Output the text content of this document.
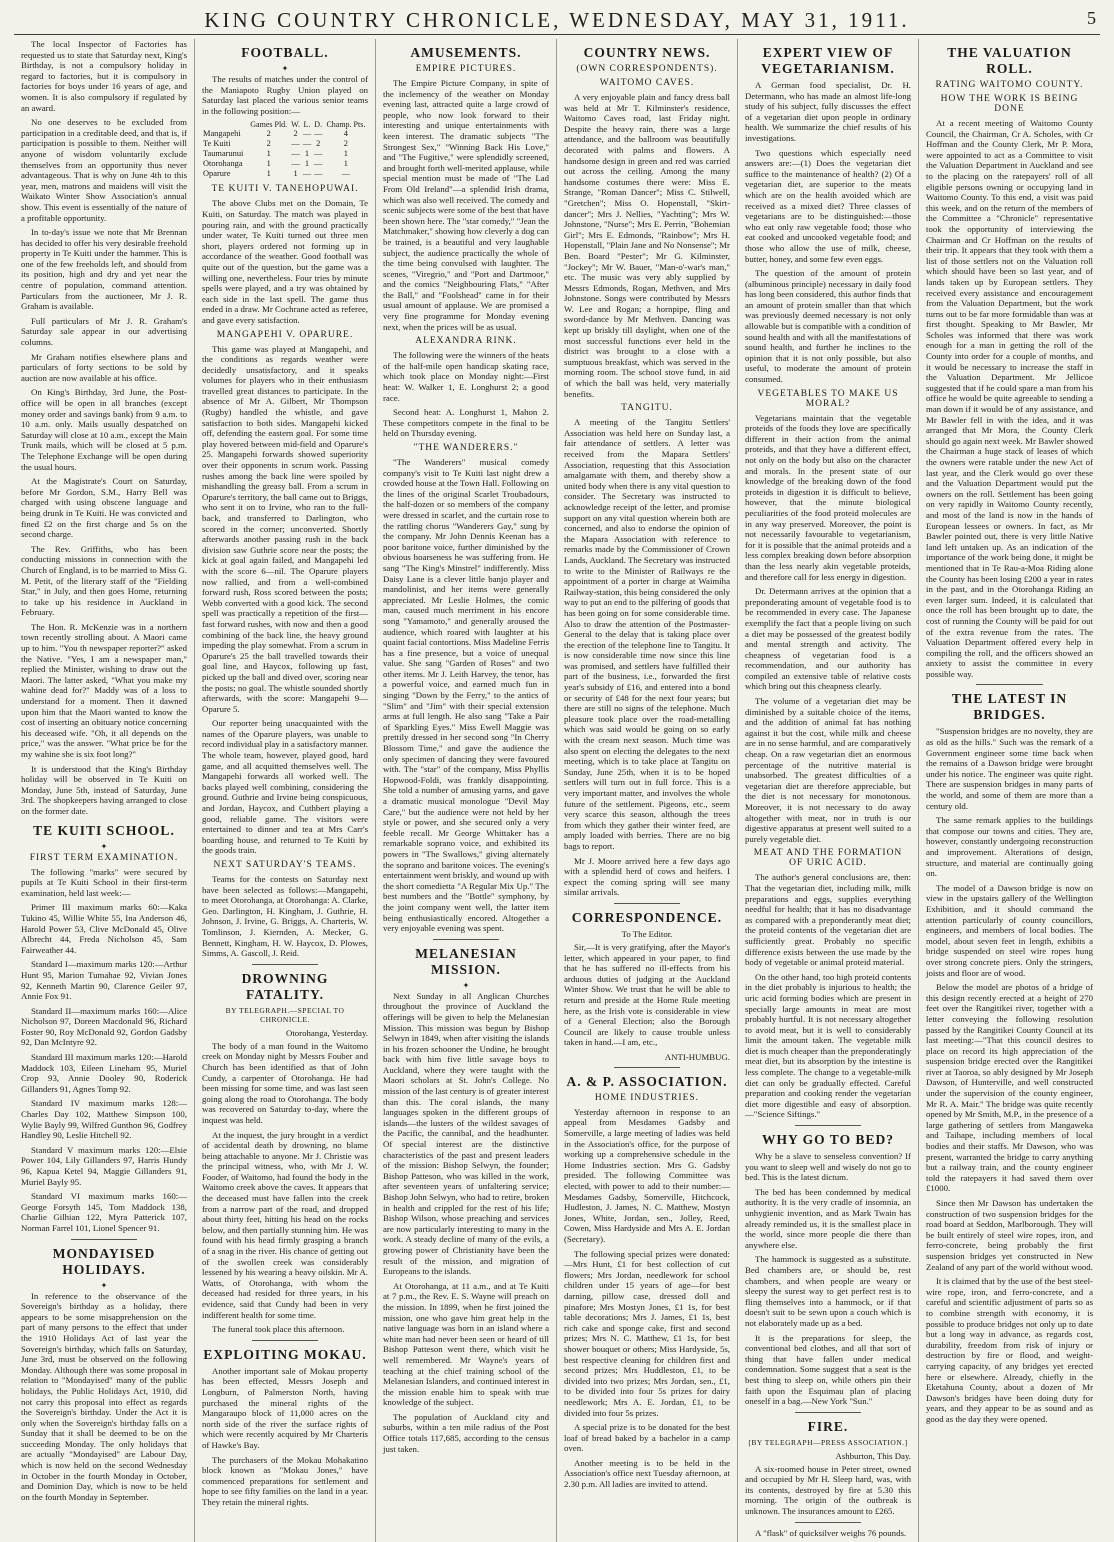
KING COUNTRY CHRONICLE, WEDNESDAY, MAY 31, 1911.	5

The local Inspector of Factories has requested us to state that Saturday next, King's Birthday, is not a compulsory holiday in regard to factories, but it is compulsory in factories for boys under 16 years of age, and women. It is also compulsory if regulated by an award.

No one deserves to be excluded from participation in a creditable deed, and that is, if participation is possible to them. Neither will anyone of wisdom voluntarily exclude themselves from an opportunity thus never advantageous. That is why on June 4th to this year, men, matrons and maidens will visit the Waikato Winter Show Association's annual show. This event is essentially of the nature of a profitable opportunity.

In to-day's issue we note that Mr Brennan has decided to offer his very desirable freehold property in Te Kuiti under the hammer. This is one of the few freeholds left, and should from its position, high and dry and yet near the centre of population, command attention. Particulars from the auctioneer, Mr J. R. Graham is available.

Full particulars of Mr J. R. Graham's Saturday sale appear in our advertising columns.

Mr Graham notifies elsewhere plans and particulars of forty sections to be sold by auction are now available at his office.

On King's Birthday, 3rd June, the Post-office will be open in all branches (except money order and savings bank) from 9 a.m. to 10 a.m. only. Mails usually despatched on Saturday will close at 10 a.m., except the Main Trunk mails, which will be closed at 5 p.m. The Telephone Exchange will be open during the usual hours.

At the Magistrate's Court on Saturday, before Mr Gordon, S.M., Harry Bell was charged with using obscene language and being drunk in Te Kuiti. He was convicted and fined £2 on the first charge and 5s on the second charge.

The Rev. Griffiths, who has been conducting missions in connection with the Church of England, is to be married to Miss G. M. Petit, of the literary staff of the "Fielding Star," in July, and then goes Home, returning to take up his residence in Auckland in February.

The Hon. R. McKenzie was in a northern town recently strolling about. A Maori came up to him. "You th newspaper reporter?" asked the Native. "Yes, I am a newspaper man," replied the Minister, wishing to draw out the Maori. The latter asked, "What you make my wahine dead for?" Maddy was of a loss to understand for a moment. Then it dawned upon him that the Maori wanted to know the cost of inserting an obituary notice concerning his deceased wife. "Oh, it all depends on the price," was the answer. "What price be for the my wahine she is six foot long?"

It is understood that the King's Birthday holiday will be observed in Te Kuiti on Monday, June 5th, instead of Saturday, June 3rd. The shopkeepers having arranged to close on the former date.

TE KUITI SCHOOL.
✦
FIRST TERM EXAMINATION.

The following "marks" were secured by pupils at Te Kuiti School in their first-term examination, held last week:—

Primer III maximum marks 60:—Kaka Tukino 45, Willie White 55, Ina Anderson 46, Harold Power 53, Clive McDonald 45, Olive Albrecht 44, Freda Nicholson 45, Sam Fairweather 44.

Standard I—maximum marks 120:—Arthur Hunt 95, Marion Tumahae 92, Vivian Jones 92, Kenneth Martin 90, Clarence Geiler 97, Annie Fox 91.

Standard II—maximum marks 160:—Alice Nicholson 97, Doreen Macdonald 96, Richard Foster 90, Roy McDonald 92, Gordon Gadsby 92, Dan McIntyre 92.

Standard III maximum marks 120:—Harold Maddock 103, Eileen Lineham 95, Muriel Crop 93, Annie Dooley 90, Roderick Gillanders 91, Agnes Tomp 92.

Standard IV maximum marks 128:—Charles Day 102, Matthew Simpson 100, Wylie Bayly 99, Wilfred Gunthon 96, Godfrey Handley 90, Leslie Hitchell 92.

Standard V maximum marks 120:—Elsie Power 104, Lily Gillanders 97, Harris Hundy 96, Kapua Ketel 94, Maggie Gillanders 91, Muriel Bayly 95.

Standard VI maximum marks 160:—George Forsyth 145, Tom Maddock 138, Charlie Gilhian 122, Myra Patterick 107, Norman Farrel 101, Lionel Spencer 91.

MONDAYISED HOLIDAYS.
✦

In reference to the observance of the Sovereign's birthday as a holiday, there appears to be some misapprehension on the part of many persons to the effect that under the 1910 Holidays Act of last year the Sovereign's birthday, which falls on Saturday, June 3rd, must be observed on the following Monday. Although there was some proposal in relation to "Mondayised" many of the public holidays, the Public Holidays Act, 1910, did not carry this proposal into effect as regards the Sovereign's birthday. Under the Act it is only when the Sovereign's birthday falls on a Sunday that it shall be deemed to be on the succeeding Monday. The only holidays that are actually "Mondayised" are Labour Day, which is now held on the second Wednesday in October in the fourth Monday in October, and Dominion Day, which is now to be held on the fourth Monday in September.

FOOTBALL.
✦

The results of matches under the control of the Maniapoto Rugby Union played on Saturday last placed the various senior teams in the following position:—

	Games Pld.	W.	L.	D.	Champ. Pts.
Mangapehi	2	2	—	—	4
Te Kuiti	2	—	—	2	2
Taumarunui	1	—	1	—	1
Otorohanga	1	—	1	—	1
Oparure	1	1	—	—	—
TE KUITI V. TANEHOPUWAI.

The above Clubs met on the Domain, Te Kuiti, on Saturday. The match was played in pouring rain, and with the ground practically under water, Te Kuiti turned out three men short, players ordered not forming up in accordance of the weather. Good football was quite out of the question, but the game was a willing one, nevertheless. Four tries by minute spells were played, and a try was obtained by each side in the last spell. The game thus ended in a draw. Mr Cochrane acted as referee, and gave every satisfaction.

MANGAPEHI V. OPARURE.

This game was played at Mangapehi, and the conditions as regards weather were decidedly unsatisfactory, and it speaks volumes for players who in their enthusiasm travelled great distances to participate. In the absence of Mr A. Gilbert, Mr Thompson (Rugby) handled the whistle, and gave satisfaction to both sides. Mangapehi kicked off, defending the eastern goal. For some time play hovered between mid-field and Oparure's 25. Mangapehi forwards showed superiority over their opponents in scrum work. Passing rushes among the back line were spoiled by mishandling the greasy ball. From a scrum in Oparure's territory, the ball came out to Briggs, who sent it on to Irvine, who ran to the full-back, and transferred to Darlington, who scored in the corner; unconverted. Shortly afterwards another passing rush in the back division saw Guthrie score near the posts; the kick at goal again failed, and Mangapehi led with the score 6—nil. The Oparure players now rallied, and from a well-combined forward rush, Ross scored between the posts; Webb converted with a good kick. The second spell was practically a repetition of the first—fast forward rushes, with now and then a good combining of the back line, the heavy ground impeding the play somewhat. From a scrum in Oparure's 25 the ball travelled towards their goal line, and Haycox, following up fast, picked up the ball and dived over, scoring near the posts; no goal. The whistle sounded shortly afterwards, with the score: Mangapehi 9—Oparure 5.

Our reporter being unacquainted with the names of the Oparure players, was unable to record individual play in a satisfactory manner. The whole team, however, played good, hard game, and all acquitted themselves well. The Mangapehi forwards all worked well. The backs played well combining, considering the ground. Guthrie and Irvine being conspicuous, and Jordan, Haycox, and Cuthbert playing a good, reliable game. The visitors were entertained to dinner and tea at Mrs Carr's boarding house, and returned to Te Kuiti by the goods train.

NEXT SATURDAY'S TEAMS.

Teams for the contests on Saturday next have been selected as follows:—Mangapehi, to meet Otorohanga, at Otorohanga: A. Clarke, Geo. Darlington, H. Kingham, J. Guthrie, H. Johnson, J. Irvine, G. Briggs, A. Charteris, W. Tomlinson, J. Kiernden, A. Mecker, G. Bennett, Kingham, H. W. Haycox, D. Plowes, Simms, A. Gascoll, J. Reid.

DROWNING FATALITY.
BY TELEGRAPH.—SPECIAL TO CHRONICLE.
Otorohanga, Yesterday.

The body of a man found in the Waitomo creek on Monday night by Messrs Fouber and Church has been identified as that of John Cundy, a carpenter of Otorohanga. He had been missing for some time, and was last seen going along the road to Otorohanga. The body was recovered on Saturday to-day, where the inquest was held.

At the inquest, the jury brought in a verdict of accidental death by drowning, no blame being attachable to anyone. Mr J. Christie was the principal witness, who, with Mr J. W. Fooder, of Waitomo, had found the body in the Waitomo creek above the caves. It appears that the deceased must have fallen into the creek from a narrow part of the road, and dropped about thirty feet, hitting his head on the rocks below, and then partially stunning him. He was found with his head firmly grasping a branch of a snag in the river. His chance of getting out of the swollen creek was considerably lessened by his wearing a heavy oilskin. Mr A. Watts, of Otorohanga, with whom the deceased had resided for three years, in his evidence, said that Cundy had been in very indifferent health for some time.

The funeral took place this afternoon.

EXPLOITING MOKAU.

Another important sale of Mokau property has been effected, Messrs Joseph and Longburn, of Palmerston North, having purchased the mineral rights of the Mangaraupo block of 11,000 acres on the north side of the river the surface rights of which were recently acquired by Mr Charteris of Hawke's Bay.

The purchasers of the Mokau Mohakatino block known as "Mokau Jones," have commenced preparations for settlement and hope to see fifty families on the land in a year. They retain the mineral rights.

AMUSEMENTS.
EMPIRE PICTURES.

The Empire Picture Company, in spite of the inclemency of the weather on Monday evening last, attracted quite a large crowd of people, who now look forward to their interesting and unique entertainments with keen interest. The dramatic subjects "The Strongest Sex," "Winning Back His Love," and "The Fugitive," were splendidly screened, and brought forth well-merited applause, while special mention must be made of "The Lad From Old Ireland"—a splendid Irish drama, which was also well received. The comedy and scenic subjects were some of the best that have been shown here. The "star comedy," "Jean the Matchmaker," showing how cleverly a dog can be trained, is a beautiful and very laughable subject, the audience practically the whole of the time being convulsed with laughter. The scenes, "Viregrio," and "Port and Dartmoor," and the comics "Neighbouring Flats," "After the Ball," and "Foolshead" came in for their usual amount of applause. We are promised a very fine programme for Monday evening next, when the prices will be as usual.

ALEXANDRA RINK.

The following were the winners of the heats of the half-mile open handicap skating race, which took place on Monday night:—First heat: W. Walker 1, E. Longhurst 2; a good race.

Second heat: A. Longhurst 1, Mahon 2. These competitors compete in the final to be held on Thursday evening.

"THE WANDERERS."

"The Wanderers" musical comedy company's visit to Te Kuiti last night drew a crowded house at the Town Hall. Following on the lines of the original Scarlet Troubadours, the half-dozen or so members of the company were dressed in scarlet, and the curtain rose to the rattling chorus "Wanderers Gay," sung by the company. Mr John Dennis Keenan has a poor baritone voice, further diminished by the obvious hoarseness he was suffering from. He sang "The King's Minstrel" indifferently. Miss Daisy Lane is a clever little banjo player and mandolinist, and her items were generally appreciated. Mr Leslie Holmes, the comic man, caused much merriment in his encore song "Yamamoto," and generally aroused the audience, which roared with laughter at his quaint facial contortions. Miss Madeline Ferris has a fine presence, but a voice of unequal value. She sang "Garden of Roses" and two other items. Mr J. Leith Harvey, the tenor, has a powerful voice, and earned much fun in singing "Down by the Ferry," to the antics of "Slim" and "Jim" with their special extension arms at full length. He also sang "Take a Pair of Sparkling Eyes." Miss Ewell Maggie was prettily dressed in her second song "In Cherry Blossom Time," and gave the audience the only specimen of dancing they were favoured with. The "star" of the company, Miss Phyllis Hopwood-Foldi, was frankly disappointing. She told a number of amusing yarns, and gave a dramatic musical monologue "Devil May Care," but the audience were not held by her style or power, and she secured only a very feeble recall. Mr George Whittaker has a remarkable soprano voice, and exhibited its powers in "The Swallows," giving alternately the soprano and baritone voices. The evening's entertainment went briskly, and wound up with the short comedietta "A Regular Mix Up." The best numbers and the "Bottle" symphony, by the joint company went well, the latter item being enthusiastically encored. Altogether a very enjoyable evening was spent.

MELANESIAN MISSION.
✦

Next Sunday in all Anglican Churches throughout the province of Auckland the offerings will be given to help the Melanesian Mission. This mission was begun by Bishop Selwyn in 1849, when after visiting the islands in his frozen schooner the Undine, he brought back with him five little savage boys to Auckland, where they were taught with the Maori scholars at St. John's College. No mission of the last century is of greater interest than this. The coral islands, the many languages spoken in the different groups of islands—the lusters of the wildest savages of the Pacific, the cannibal, and the headhunter. Of special interest are the distinctive characteristics of the past and present leaders of the mission: Bishop Selwyn, the founder; Bishop Patteson, who was killed in the work, after seventeen years of unfaltering service; Bishop John Selwyn, who had to retire, broken in health and crippled for the rest of his life; Bishop Wilson, whose preaching and services are now particularly interesting to many in the work. A steady decline of many of the evils, a growing power of Christianity have been the result of the mission, and migration of Europeans to the islands.

At Otorohanga, at 11 a.m., and at Te Kuiti at 7 p.m., the Rev. E. S. Wayne will preach on the mission. In 1899, when he first joined the mission, one who gave him great help in the native language was born in an island where a white man had never been seen or heard of till Bishop Patteson went there, which visit he well remembered. Mr Wayne's years of teaching at the chief training school of the Melanesian Islanders, and continued interest in the mission enable him to speak with true knowledge of the subject.

The population of Auckland city and suburbs, within a ten mile radius of the Post Office totals 117,685, according to the census just taken.

COUNTRY NEWS.
(OWN CORRESPONDENTS).
WAITOMO CAVES.

A very enjoyable plain and fancy dress ball was held at Mr T. Kilminster's residence, Waitomo Caves road, last Friday night. Despite the heavy rain, there was a large attendance, and the ballroom was beautifully decorated with palms and flowers. A handsome design in green and red was carried out across the ceiling. Among the many handsome costumes there were: Miss E. Strange, "Roman Dancer"; Miss C. Stilwell, "Gretchen"; Miss O. Hopenstall, "Skirt-dancer"; Mrs J. Nellies, "Yachting"; Mrs W. Johnstone, "Nurse"; Mrs E. Perrin, "Bohemian Girl"; Mrs E. Edmonds, "Rainbow"; Mrs H. Hopenstall, "Plain Jane and No Nonsense"; Mr Ben. Board "Pester"; Mr G. Kilminster, "Jockey"; Mr W. Bauer, "Man-o'-war's man," etc. The music was very ably supplied by Messrs Edmonds, Rogan, Methven, and Mrs Johnstone. Songs were contributed by Messrs W. Lee and Rogan; a hornpipe, fling and sword-dance by Mr Methven. Dancing was kept up briskly till daylight, when one of the most successful functions ever held in the district was brought to a close with a sumptuous breakfast, which was served in the morning room. The school stove fund, in aid of which the ball was held, very materially benefits.

TANGITU.

A meeting of the Tangitu Settlers' Association was held here on Sunday last, a fair attendance of settlers. A letter was received from the Mapara Settlers' Association, requesting that this Association amalgamate with them, and thereby show a united body when there is any vital question to consider. The Secretary was instructed to acknowledge receipt of the letter, and promise support on any vital question wherein both are concerned, and also to endorse the opinion of the Mapara Association with reference to remarks made by the Commissioner of Crown Lands, Auckland. The Secretary was instructed to write to the Minister of Railways re the appointment of a porter in charge at Waimiha Railway-station, this being considered the only way to put an end to the pilfering of goods that has been going on for some considerable time. Also to draw the attention of the Postmaster-General to the delay that is taking place over the erection of the telephone line to Tangitu. It is now considerable time now since this line was promised, and settlers have fulfilled their part of the business, i.e., forwarded the first year's subsidy of £16, and entered into a bond or security of £48 for the next four years; but there are still no signs of the telephone. Much pleasure took place over the road-metalling which was said would be going on so early with the cream next season. Much time was also spent on electing the delegates to the next meeting, which is to take place at Tangitu on Sunday, June 25th, when it is to be hoped settlers will turn out in full force. This is a very important matter, and involves the whole future of the settlement. Pigeons, etc., seem very scarce this season, although the trees from which they gather their winter feed, are amply loaded with berries. There are no big bags to report.

Mr J. Moore arrived here a few days ago with a splendid herd of cows and heifers. I expect the coming spring will see many similar arrivals.

CORRESPONDENCE.
To The Editor.

Sir,—It is very gratifying, after the Mayor's letter, which appeared in your paper, to find that he has suffered no ill-effects from his arduous duties of judging at the Auckland Winter Show. We trust that he will be able to return and preside at the Home Rule meeting here, as the Irish vote is considerable in view of a General Election; also the Borough Council are likely to cause trouble unless taken in hand.—I am, etc.,

ANTI-HUMBUG.
A. & P. ASSOCIATION.
HOME INDUSTRIES.

Yesterday afternoon in response to an appeal from Mesdames Gadsby and Somerville, a large meeting of ladies was held in the Association's office, for the purpose of working up a comprehensive schedule in the Home Industries section. Mrs G. Gadsby presided. The following Committee was elected, with power to add to their number:—Mesdames Gadsby, Somerville, Hitchcock, Hudleston, J. James, N. C. Matthew, Mostyn Jones, White, Jordan, sen., Jolley, Reed, Cowen, Miss Hardyside and Mrs A. E. Jordan (Secretary).

The following special prizes were donated:—Mrs Hunt, £1 for best collection of cut flowers; Mrs Jordan, needlework for school children under 15 years of age—for best darning, pillow case, dressed doll and pinafore; Mrs Mostyn Jones, £1 1s, for best table decorations; Mrs J. James, £1 1s, best rich cake and sponge cake, first and second prizes; Mrs N. C. Matthew, £1 1s, for best shower bouquet or others; Miss Hardyside, 5s, best respective cleaning for children first and second prizes; Mrs Huddleston, £1, to be divided into two prizes; Mrs Jordan, sen., £1, to be divided into four 5s prizes for dairy needlework; Mrs A. E. Jordan, £1, to be divided into four 5s prizes.

A special prize is to be donated for the best loaf of bread baked by a bachelor in a camp oven.

Another meeting is to be held in the Association's office next Tuesday afternoon, at 2.30 p.m. All ladies are invited to attend.

EXPERT VIEW OF VEGETARIANISM.

A German food specialist, Dr. H. Determann, who has made an almost life-long study of his subject, fully discusses the effect of a vegetarian diet upon people in ordinary health. We summarize the chief results of his investigations.

Two questions which especially need answers are:—(1) Does the vegetarian diet suffice to the maintenance of health? (2) Of a vegetarian diet, are superior to the meats which are on the health avoided which are received as a mixed diet? Three classes of vegetarians are to be distinguished:—those who eat only raw vegetable food; those who eat cooked and uncooked vegetable food; and those who allow the use of milk, cheese, butter, honey, and some few even eggs.

The question of the amount of protein (albuminous principle) necessary in daily food has long been considered, this author finds that an amount of protein smaller than that which was previously deemed necessary is not only allowable but is compatible with a condition of sound health and with all the manifestations of sound health, and further he inclines to the opinion that it is not only possible, but also useful, to moderate the amount of protein consumed.

VEGETABLES TO MAKE US MORAL?

Vegetarians maintain that the vegetable proteids of the foods they love are specifically different in their action from the animal proteids, and that they have a different effect, not only on the body but also on the character and morals. In the present state of our knowledge of the breaking down of the food proteids in digestion it is difficult to believe, however, that the minute biological peculiarities of the food proteid molecules are in any way preserved. Moreover, the point is not necessarily favourable to vegetarianism, for it is possible that the animal proteids and a less complex breaking down before absorption than the less nearly akin vegetable proteids, and therefore call for less energy in digestion.

Dr. Determann arrives at the opinion that a preponderating amount of vegetable food is to be recommended in every case. The Japanese exemplify the fact that a people living on such a diet may be possessed of the greatest bodily and mental strength and activity. The cheapness of vegetarian food is a recommendation, and our authority has compiled an extensive table of relative costs which bring out this cheapness clearly.

The volume of a vegetarian diet may be diminished by a suitable choice of the items, and the addition of animal fat has nothing against it but the cost, while milk and cheese are in no sense harmful, and are comparatively cheap. On a raw vegetarian diet an enormous percentage of the nutritive material is unabsorbed. The greatest difficulties of a vegetarian diet are therefore appreciable, but the diet is not necessary for monotonous. Moreover, it is not necessary to do away altogether with meat, nor in truth is our digestive apparatus at present well suited to a purely vegetable diet.

MEAT AND THE FORMATION OF URIC ACID.

The author's general conclusions are, then: That the vegetarian diet, including milk, milk preparations and eggs, supplies everything needful for health; that it has no disadvantage as compared with a preponderantly meat diet; the proteid contents of the vegetarian diet are sufficiently great. Probably no specific difference exists between the use made by the body of vegetable or animal proteid material.

On the other hand, too high proteid contents in the diet probably is injurious to health; the uric acid forming bodies which are present in specially large amounts in meat are most probably hurtful. It is not necessary altogether to avoid meat, but it is well to considerably limit the amount taken. The vegetable milk diet is much cheaper than the preponderatingly meat diet, but its absorption by the intestine is less complete. The change to a vegetable-milk diet can only be gradually effected. Careful preparation and cooking render the vegetarian diet more digestible and easy of absorption.—"Science Siftings."

WHY GO TO BED?

Why be a slave to senseless convention? If you want to sleep well and wisely do not go to bed. This is the latest dictum.

The bed has been condemned by medical authority. It is the very cradle of insomnia, an unhygienic invention, and as Mark Twain has already reminded us, it is the smallest place in the world, since more people die there than anywhere else.

The hammock is suggested as a substitute. Bed chambers are, or should be, rest chambers, and when people are weary or sleepy the surest way to get perfect rest is to fling themselves into a hammock, or if that doesn't suit to be sewn upon a couch which is not elaborately made up as a bed.

It is the preparations for sleep, the conventional bed clothes, and all that sort of thing that have fallen under medical condemnation. Some suggest that a seat is the best thing to sleep on, while others pin their faith upon the Esquimau plan of placing oneself in a bag.—New York "Sun."

FIRE.
[BY TELEGRAPH—PRESS ASSOCIATION.]
Ashburton, This Day.

A six-roomed house in Peter street, owned and occupied by Mr H. Sleep hard, was, with its contents, destroyed by fire at 5.30 this morning. The origin of the outbreak is unknown. The insurances amount to £265.

A "flask" of quicksilver weighs 76 pounds.

THE VALUATION ROLL.
RATING WAITOMO COUNTY.
HOW THE WORK IS BEING DONE

At a recent meeting of Waitomo County Council, the Chairman, Cr A. Scholes, with Cr Hoffman and the County Clerk, Mr P. Mora, were appointed to act as a Committee to visit the Valuation Department in Auckland and see to the placing on the ratepayers' roll of all eligible persons owning or occupying land in Waitomo County. To this end, a visit was paid this week, and on the return of the members of the Committee a "Chronicle" representative took the opportunity of interviewing the Chairman and Cr Hoffman on the results of their trip. It appears that they took with them a list of those settlers not on the Valuation roll which should have been so last year, and of lands taken up by European settlers. They received every assistance and encouragement from the Valuation Department, but the work turns out to be far more formidable than was at first thought. Speaking to Mr Bawler, Mr Scholes was informed that there was work enough for a man in getting the roll of the County into order for a couple of months, and it would be necessary to increase the staff in the Valuation Department. Mr Jellicoe suggested that if he could spare a man from his office he would be quite agreeable to sending a man down if it would be of any assistance, and Mr Bawler fell in with the idea, and it was arranged that Mr Mora, the County Clerk should go again next week. Mr Bawler showed the Chairman a huge stack of leases of which the owners were ratable under the new Act of last year, and the Clerk would go over these and the Valuation Department would put the owners on the roll. Settlement has been going on very rapidly in Waitomo County recently, and most of the land is now in the hands of European lessees or owners. In fact, as Mr Bawler pointed out, there is very little Native land left untaken up. As an indication of the importance of the work being done, it might be mentioned that in Te Rau-a-Moa Riding alone the County has been losing £200 a year in rates in the past, and in the Otorohanga Riding an even larger sum. Indeed, it is calculated that once the roll has been brought up to date, the cost of running the County will be paid for out of the extra revenue from the rates. The Valuation Department offered every help in compiling the roll, and the officers showed an anxiety to assist the committee in every possible way.

THE LATEST IN BRIDGES.

"Suspension bridges are no novelty, they are as old as the hills." Such was the remark of a Government engineer some time back when the remains of a Dawson bridge were brought under his notice. The engineer was quite right. There are suspension bridges in many parts of the world, and some of them are more than a century old.

The same remark applies to the buildings that compose our towns and cities. They are, however, constantly undergoing reconstruction and improvement. Alterations of design, structure, and material are continually going on.

The model of a Dawson bridge is now on view in the upstairs gallery of the Wellington Exhibition, and it should command the attention particularly of county councillors, engineers, and members of local bodies. The model, about seven feet in length, exhibits a bridge suspended on steel wire ropes hung over strong concrete piers. Only the stringers, joists and floor are of wood.

Below the model are photos of a bridge of this design recently erected at a height of 270 feet over the Rangitikei river, together with a letter conveying the following resolution passed by the Rangitikei County Council at its last meeting:—"That this council desires to place on record its high appreciation of the suspension bridge erected over the Rangitikei river at Taoroa, so ably designed by Mr Joseph Dawson, of Hunterville, and well constructed under the supervision of the county engineer, Mr R. A. Mair." The bridge was quite recently opened by Mr Smith, M.P., in the presence of a large gathering of settlers from Mangaweka and Taihape, including members of local bodies and their staffs. Mr Dawson, who was present, warranted the bridge to carry anything but a railway train, and the county engineer told the ratepayers it had saved them over £1000.

Since then Mr Dawson has undertaken the construction of two suspension bridges for the road board at Seddon, Marlborough. They will be built entirely of steel wire ropes, iron, and ferro-concrete, being probably the first suspension bridges yet constructed in New Zealand of any part of the world without wood.

It is claimed that by the use of the best steel-wire rope, iron, and ferro-concrete, and a careful and scientific adjustment of parts so as to combine strength with economy, it is possible to produce bridges not only up to date but a long way in advance, as regards cost, durability, freedom from risk of injury or destruction by fire or flood, and weight-carrying capacity, of any bridges yet erected here or elsewhere. Already, chiefly in the Eketahuna County, about a dozen of Mr Dawson's bridges have been doing duty for years, and they appear to be as sound and as good as the day they were opened.
